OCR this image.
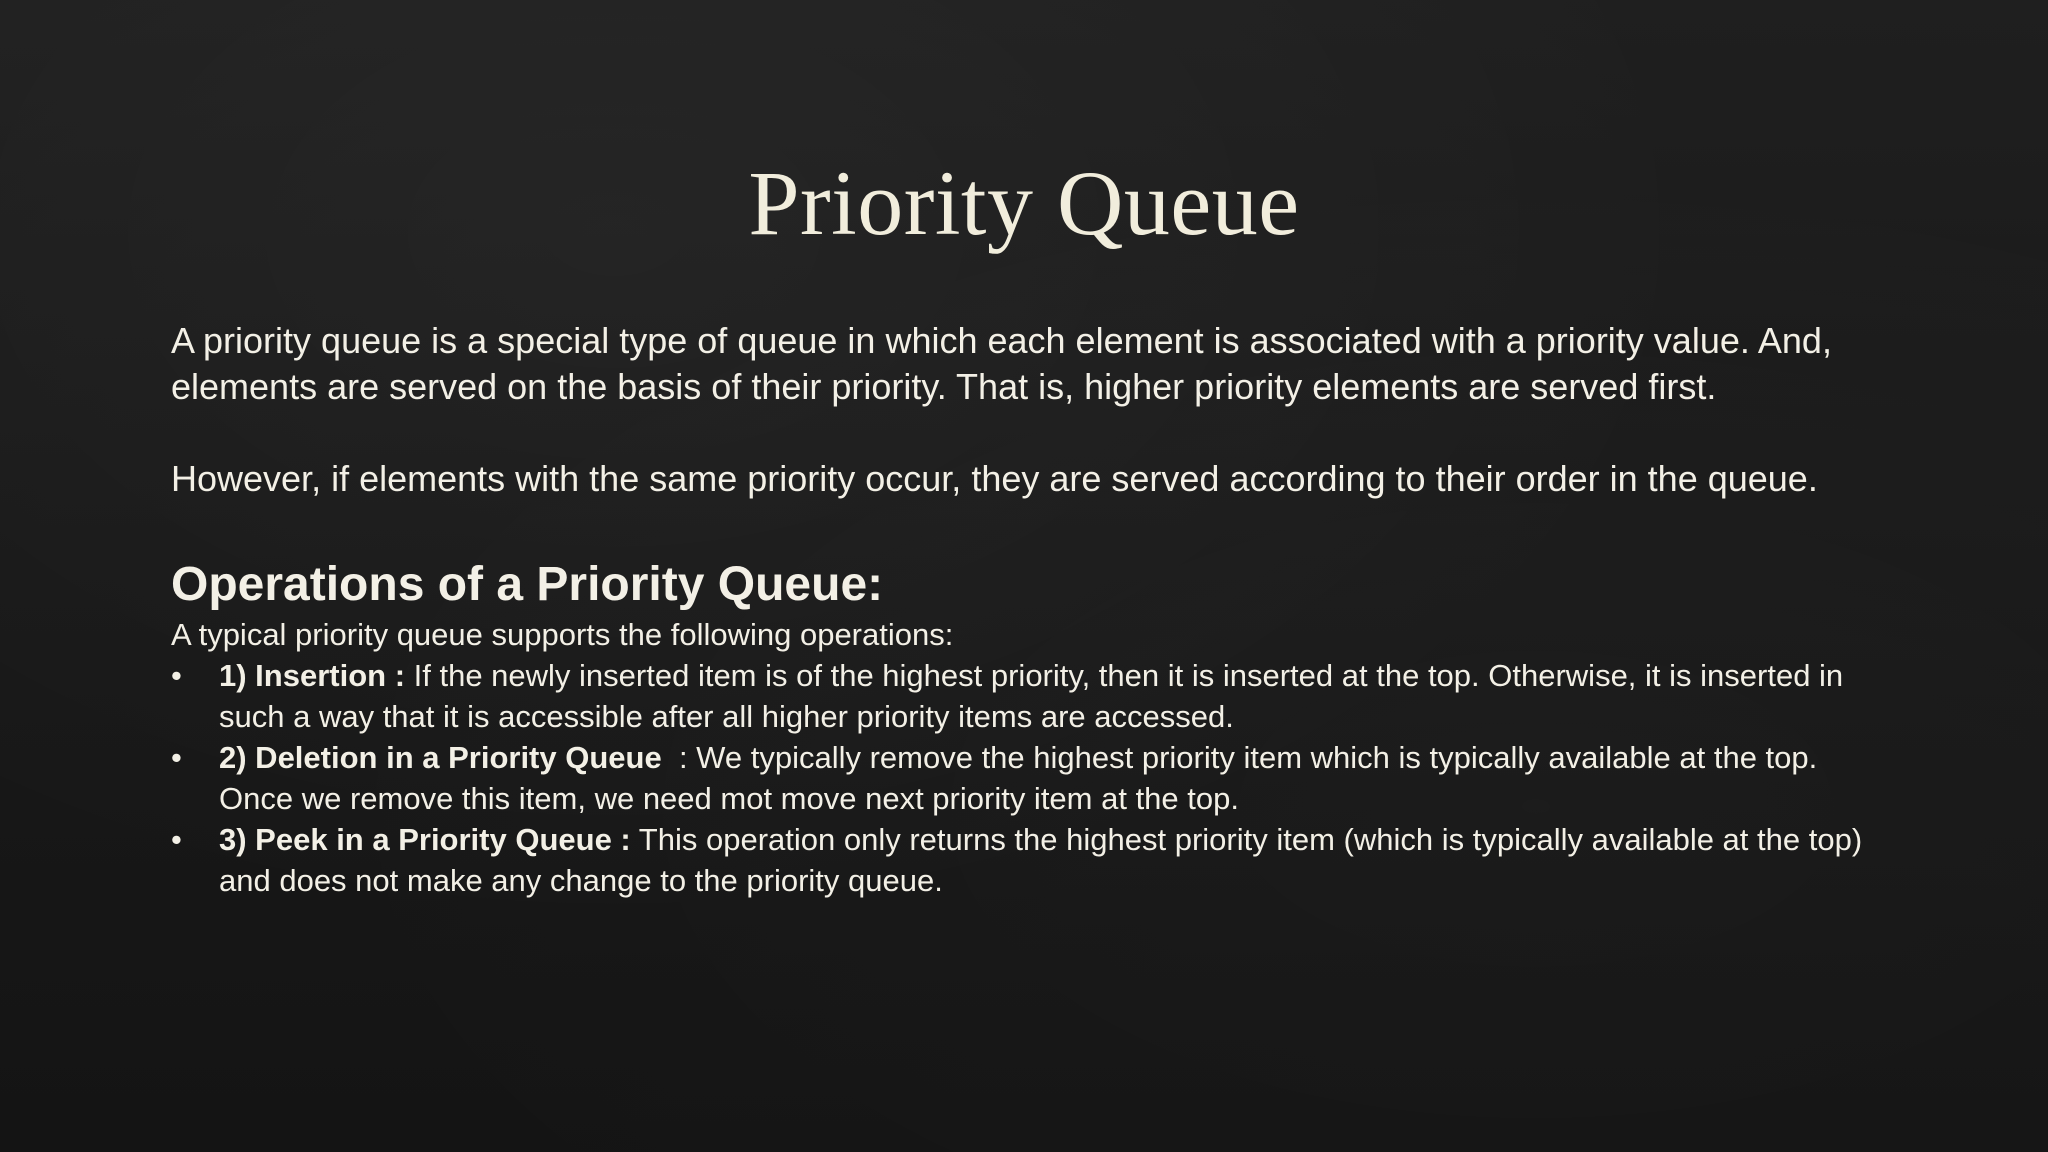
Priority Queue

A priority queue is a special type of queue in which each element is associated with a priority value. And, elements are served on the basis of their priority. That is, higher priority elements are served first.

However, if elements with the same priority occur, they are served according to their order in the queue.

Operations of a Priority Queue:

A typical priority queue supports the following operations:

• 1) Insertion : If the newly inserted item is of the highest priority, then it is inserted at the top. Otherwise, it is inserted in such a way that it is accessible after all higher priority items are accessed.
• 2) Deletion in a Priority Queue  : We typically remove the highest priority item which is typically available at the top. Once we remove this item, we need mot move next priority item at the top.
• 3) Peek in a Priority Queue : This operation only returns the highest priority item (which is typically available at the top) and does not make any change to the priority queue.
